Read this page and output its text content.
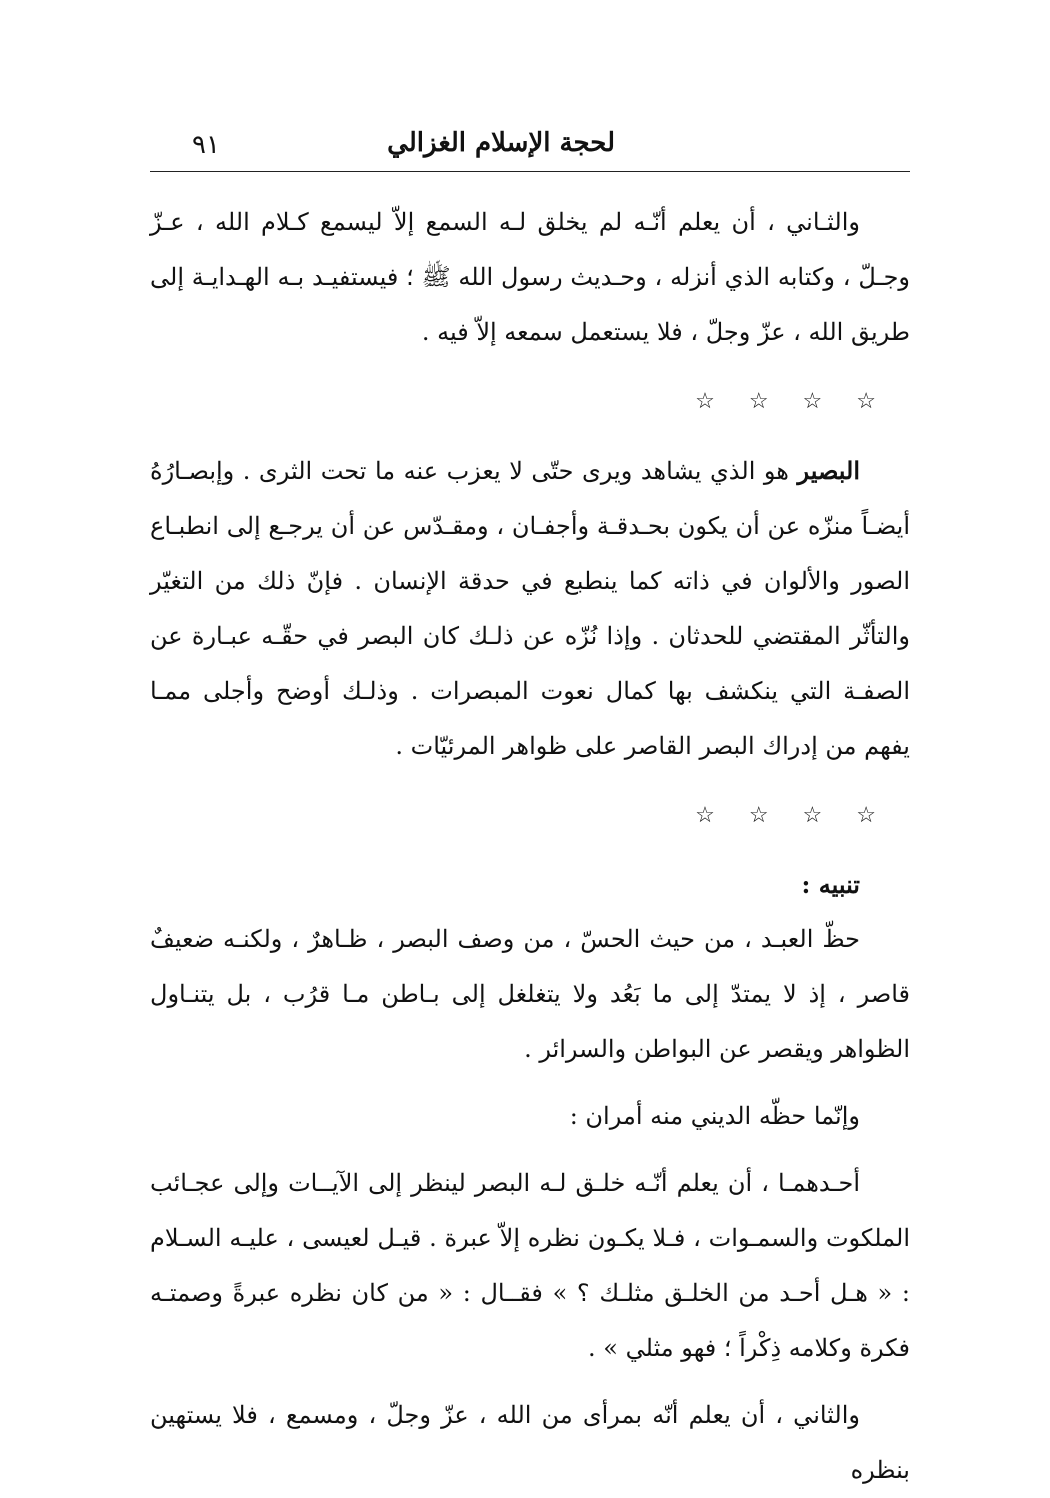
٩١	لحجة الإسلام الغزالي

والثـاني ، أن يعلم أنّـه لم يخلق لـه السمع إلاّ ليسمع كـلام الله ، عـزّ وجـلّ ، وكتابه الذي أنزله ، وحـديث رسول الله ﷺ ؛ فيستفيـد بـه الهـدايـة إلى طريق الله ، عزّ وجلّ ، فلا يستعمل سمعه إلاّ فيه .

☆☆☆☆

البصير هو الذي يشاهد ويرى حتّى لا يعزب عنه ما تحت الثرى . وإبصـارُهُ أيضـاً منزّه عن أن يكون بحـدقـة وأجفـان ، ومقـدّس عن أن يرجـع إلى انطبـاع الصور والألوان في ذاته كما ينطبع في حدقة الإنسان . فإنّ ذلك من التغيّر والتأثّر المقتضي للحدثان . وإذا نُزّه عن ذلـك كان البصر في حقّـه عبـارة عن الصفـة التي ينكشف بها كمال نعوت المبصرات . وذلـك أوضح وأجلى ممـا يفهم من إدراك البصر القاصر على ظواهر المرئيّات .

☆☆☆☆

تنبيه :

حظّ العبـد ، من حيث الحسّ ، من وصف البصر ، ظـاهرٌ ، ولكنـه ضعيفٌ قاصر ، إذ لا يمتدّ إلى ما بَعُد ولا يتغلغل إلى بـاطن مـا قرُب ، بل يتنـاول الظواهر ويقصر عن البواطن والسرائر .

وإنّما حظّه الديني منه أمران :

أحـدهمـا ، أن يعلم أنّـه خلـق لـه البصر لينظر إلى الآيــات وإلى عجـائب الملكوت والسمـوات ، فـلا يكـون نظره إلاّ عبرة . قيـل لعيسى ، عليـه السـلام : « هـل أحـد من الخلـق مثلـك ؟ » فقــال : « من كان نظره عبرةً وصمتـه فكرة وكلامه ذِكْراً ؛ فهو مثلي » .

والثاني ، أن يعلم أنّه بمرأى من الله ، عزّ وجلّ ، ومسمع ، فلا يستهين بنظره
